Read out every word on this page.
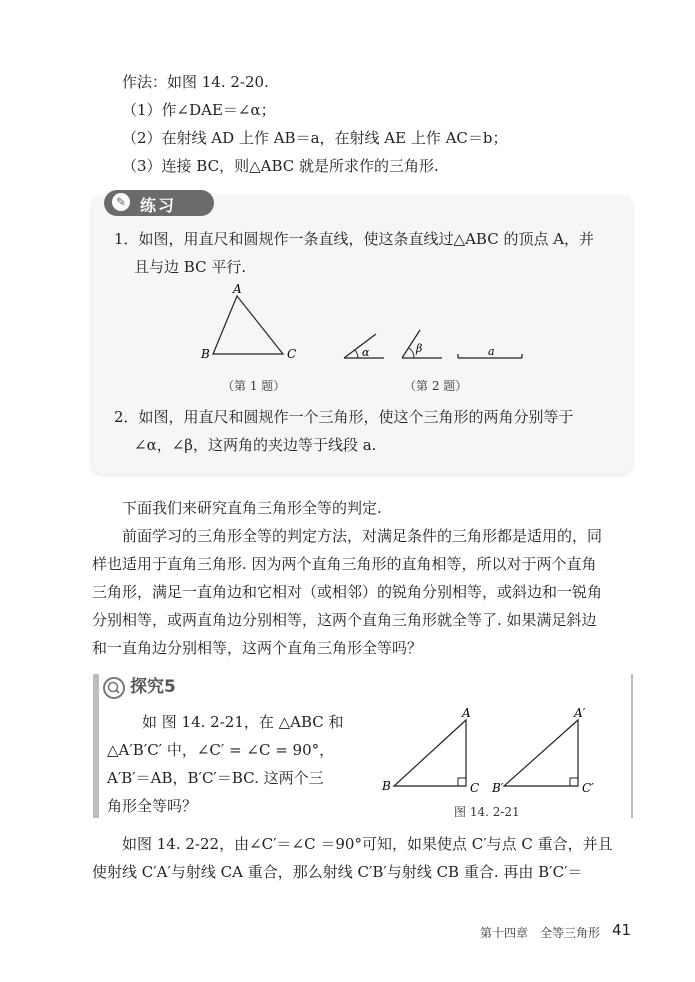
作法：如图 14. 2-20.
（1）作∠DAE＝∠α；
（2）在射线 AD 上作 AB＝a，在射线 AE 上作 AC＝b；
（3）连接 BC，则△ABC 就是所求作的三角形.
✎ 练习
1．如图，用直尺和圆规作一条直线，使这条直线过△ABC 的顶点 A，并
且与边 BC 平行.
A
B	C	α	β	a
（第 1 题）	（第 2 题）
2．如图，用直尺和圆规作一个三角形，使这个三角形的两角分别等于
∠α，∠β，这两角的夹边等于线段 a.
下面我们来研究直角三角形全等的判定.
前面学习的三角形全等的判定方法，对满足条件的三角形都是适用的，同
样也适用于直角三角形. 因为两个直角三角形的直角相等，所以对于两个直角
三角形，满足一直角边和它相对（或相邻）的锐角分别相等，或斜边和一锐角
分别相等，或两直角边分别相等，这两个直角三角形就全等了. 如果满足斜边
和一直角边分别相等，这两个直角三角形全等吗？
探究5
如 图 14. 2-21，在 △ABC 和
△A′B′C′ 中，∠C′ = ∠C = 90°，
A′B′＝AB，B′C′＝BC. 这两个三
角形全等吗？
A
B	C
A′
B′	C′
图 14. 2-21
如图 14. 2-22，由∠C′＝∠C ＝90°可知，如果使点 C′与点 C 重合，并且
使射线 C′A′与射线 CA 重合，那么射线 C′B′与射线 CB 重合. 再由 B′C′＝
第十四章　全等三角形 41
